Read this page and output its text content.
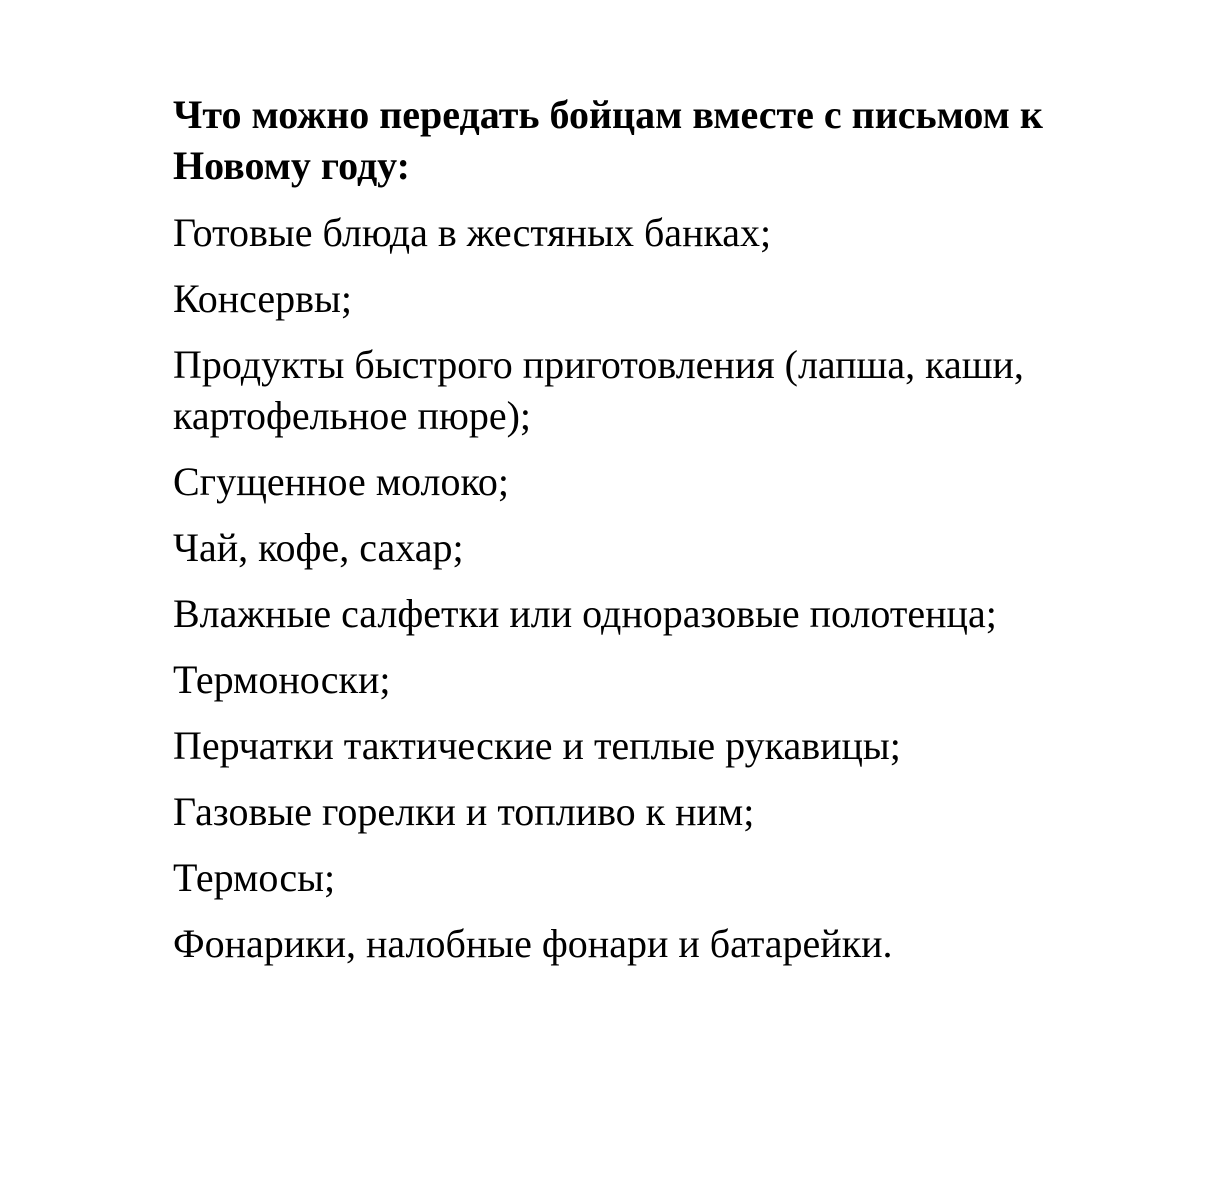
Что можно передать бойцам вместе с письмом к Новому году:
Готовые блюда в жестяных банках;
Консервы;
Продукты быстрого приготовления (лапша, каши, картофельное пюре);
Сгущенное молоко;
Чай, кофе, сахар;
Влажные салфетки или одноразовые полотенца;
Термоноски;
Перчатки тактические и теплые рукавицы;
Газовые горелки и топливо к ним;
Термосы;
Фонарики, налобные фонари и батарейки.
